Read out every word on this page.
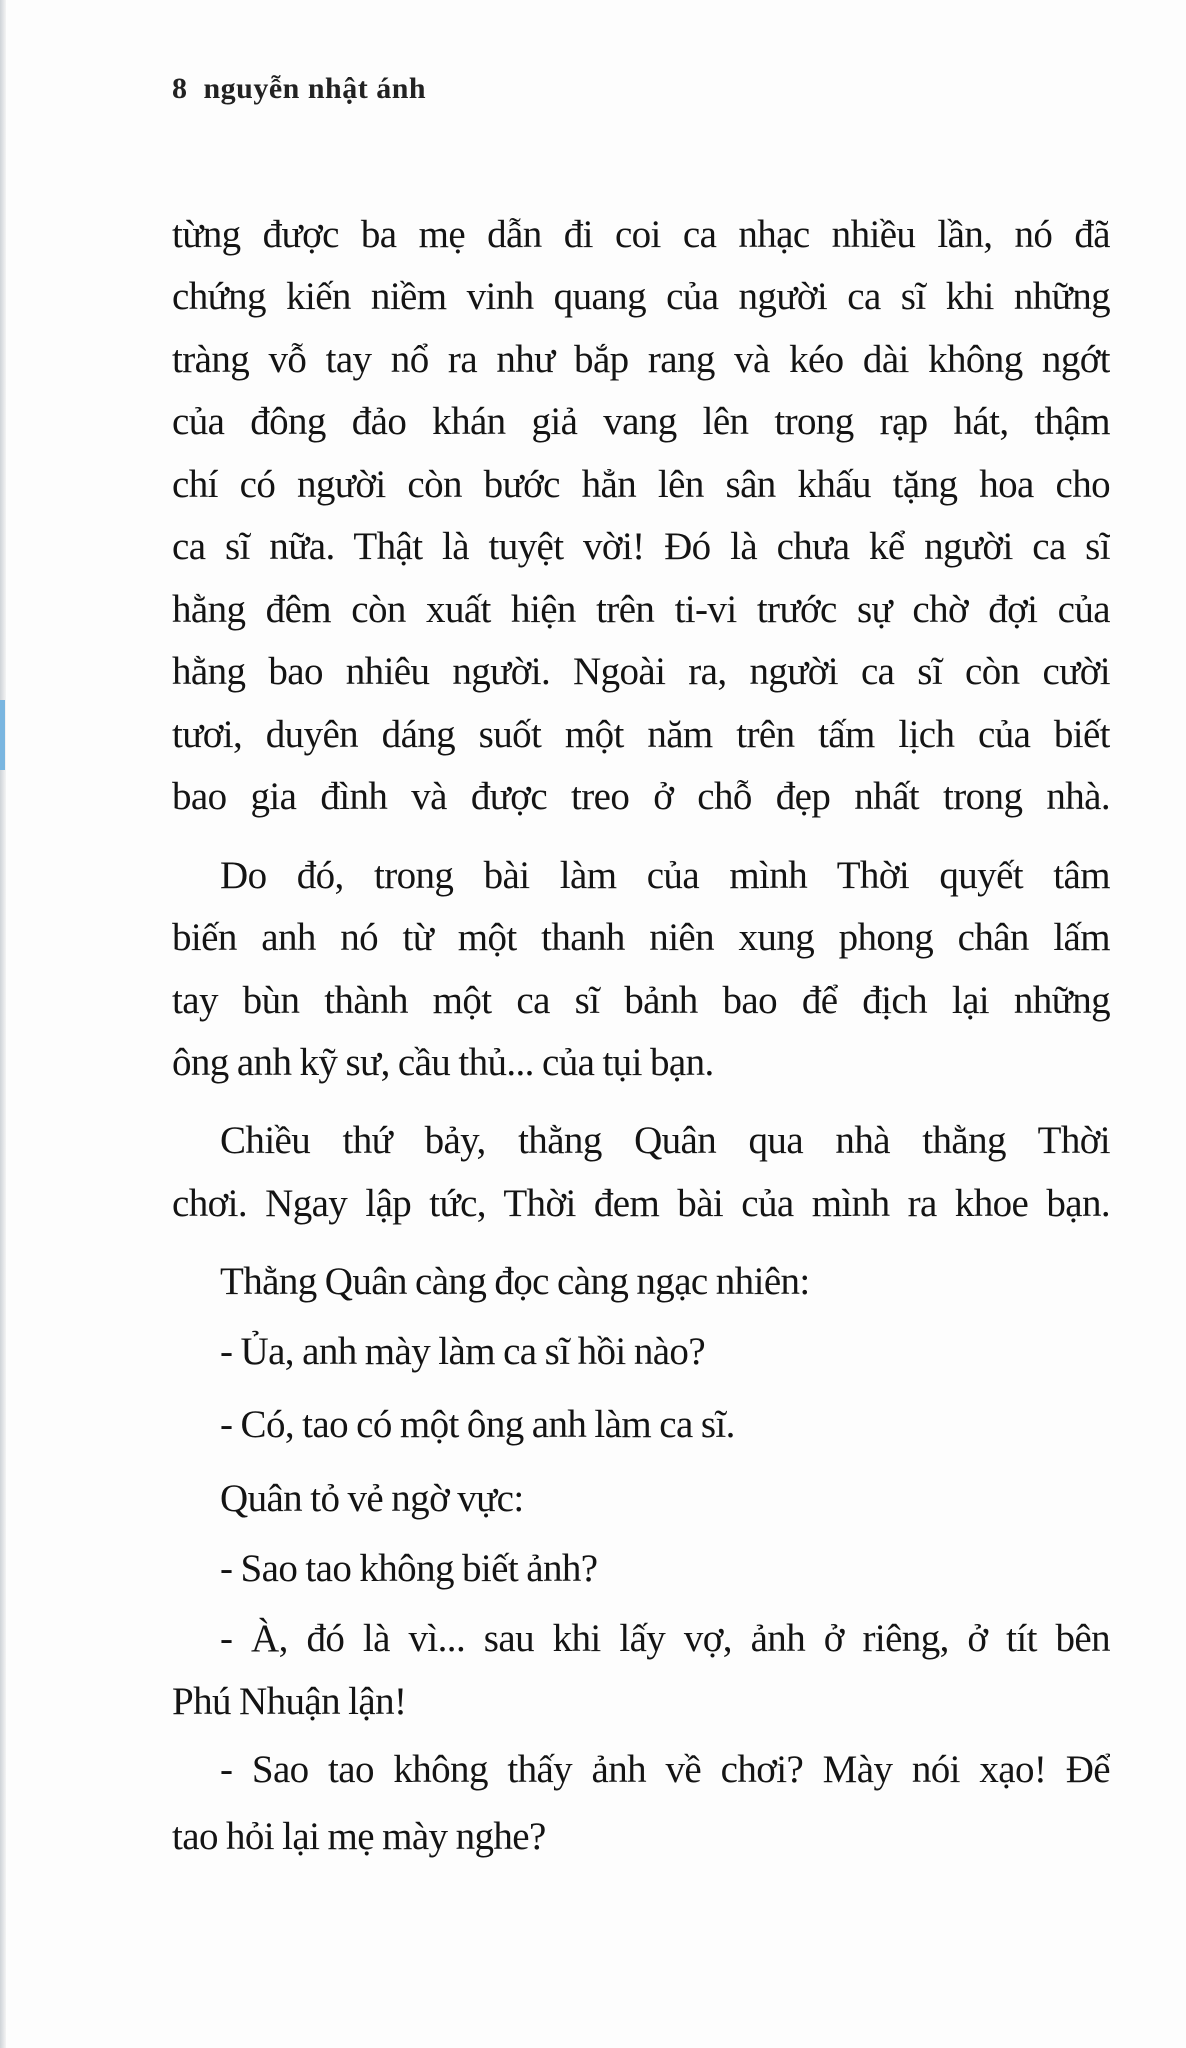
8 nguyễn nhật ánh
từng được ba mẹ dẫn đi coi ca nhạc nhiều lần, nó đã
chứng kiến niềm vinh quang của người ca sĩ khi những
tràng vỗ tay nổ ra như bắp rang và kéo dài không ngớt
của đông đảo khán giả vang lên trong rạp hát, thậm
chí có người còn bước hẳn lên sân khấu tặng hoa cho
ca sĩ nữa. Thật là tuyệt vời! Đó là chưa kể người ca sĩ
hằng đêm còn xuất hiện trên ti-vi trước sự chờ đợi của
hằng bao nhiêu người. Ngoài ra, người ca sĩ còn cười
tươi, duyên dáng suốt một năm trên tấm lịch của biết
bao gia đình và được treo ở chỗ đẹp nhất trong nhà.
Do đó, trong bài làm của mình Thời quyết tâm
biến anh nó từ một thanh niên xung phong chân lấm
tay bùn thành một ca sĩ bảnh bao để địch lại những
ông anh kỹ sư, cầu thủ... của tụi bạn.
Chiều thứ bảy, thằng Quân qua nhà thằng Thời
chơi. Ngay lập tức, Thời đem bài của mình ra khoe bạn.
Thằng Quân càng đọc càng ngạc nhiên:
- Ủa, anh mày làm ca sĩ hồi nào?
- Có, tao có một ông anh làm ca sĩ.
Quân tỏ vẻ ngờ vực:
- Sao tao không biết ảnh?
- À, đó là vì... sau khi lấy vợ, ảnh ở riêng, ở tít bên
Phú Nhuận lận!
- Sao tao không thấy ảnh về chơi? Mày nói xạo! Để
tao hỏi lại mẹ mày nghe?
